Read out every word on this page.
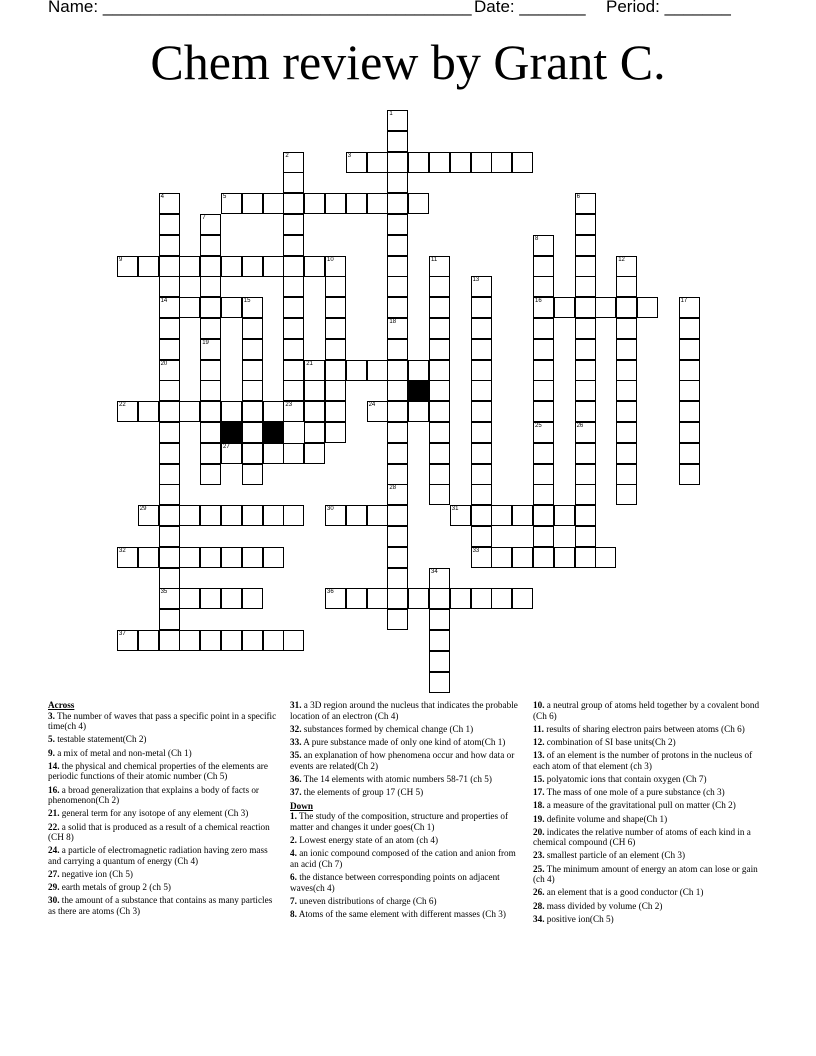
Name: _______________________________________ Date: _______ Period: _______
Chem review by Grant C.
3
5
9
14	15	16
21
22	23	24
27
29	30	31
32	33
35	36
37
1
18
28
2
4
20
6
26
7
19
8
10	11	12
13
17
25
34
Across

3. The number of waves that pass a specific point in a specific time(ch 4)

5. testable statement(Ch 2)

9. a mix of metal and non-metal (Ch 1)

14. the physical and chemical properties of the elements are periodic functions of their atomic number (Ch 5)

16. a broad generalization that explains a body of facts or phenomenon(Ch 2)

21. general term for any isotope of any element (Ch 3)

22. a solid that is produced as a result of a chemical reaction (CH 8)

24. a particle of electromagnetic radiation having zero mass and carrying a quantum of energy (Ch 4)

27. negative ion (Ch 5)

29. earth metals of group 2 (ch 5)

30. the amount of a substance that contains as many particles as there are atoms (Ch 3)

31. a 3D region around the nucleus that indicates the probable location of an electron (Ch 4)

32. substances formed by chemical change (Ch 1)

33. A pure substance made of only one kind of atom(Ch 1)

35. an explanation of how phenomena occur and how data or events are related(Ch 2)

36. The 14 elements with atomic numbers 58-71 (ch 5)

37. the elements of group 17 (CH 5)

Down

1. The study of the composition, structure and properties of matter and changes it under goes(Ch 1)

2. Lowest energy state of an atom (ch 4)

4. an ionic compound composed of the cation and anion from an acid (Ch 7)

6. the distance between corresponding points on adjacent waves(ch 4)

7. uneven distributions of charge (Ch 6)

8. Atoms of the same element with different masses (Ch 3)

10. a neutral group of atoms held together by a covalent bond (Ch 6)

11. results of sharing electron pairs between atoms (Ch 6)

12. combination of SI base units(Ch 2)

13. of an element is the number of protons in the nucleus of each atom of that element (ch 3)

15. polyatomic ions that contain oxygen (Ch 7)

17. The mass of one mole of a pure substance (ch 3)

18. a measure of the gravitational pull on matter (Ch 2)

19. definite volume and shape(Ch 1)

20. indicates the relative number of atoms of each kind in a chemical compound (CH 6)

23. smallest particle of an element (Ch 3)

25. The minimum amount of energy an atom can lose or gain (ch 4)

26. an element that is a good conductor (Ch 1)

28. mass divided by volume (Ch 2)

34. positive ion(Ch 5)
